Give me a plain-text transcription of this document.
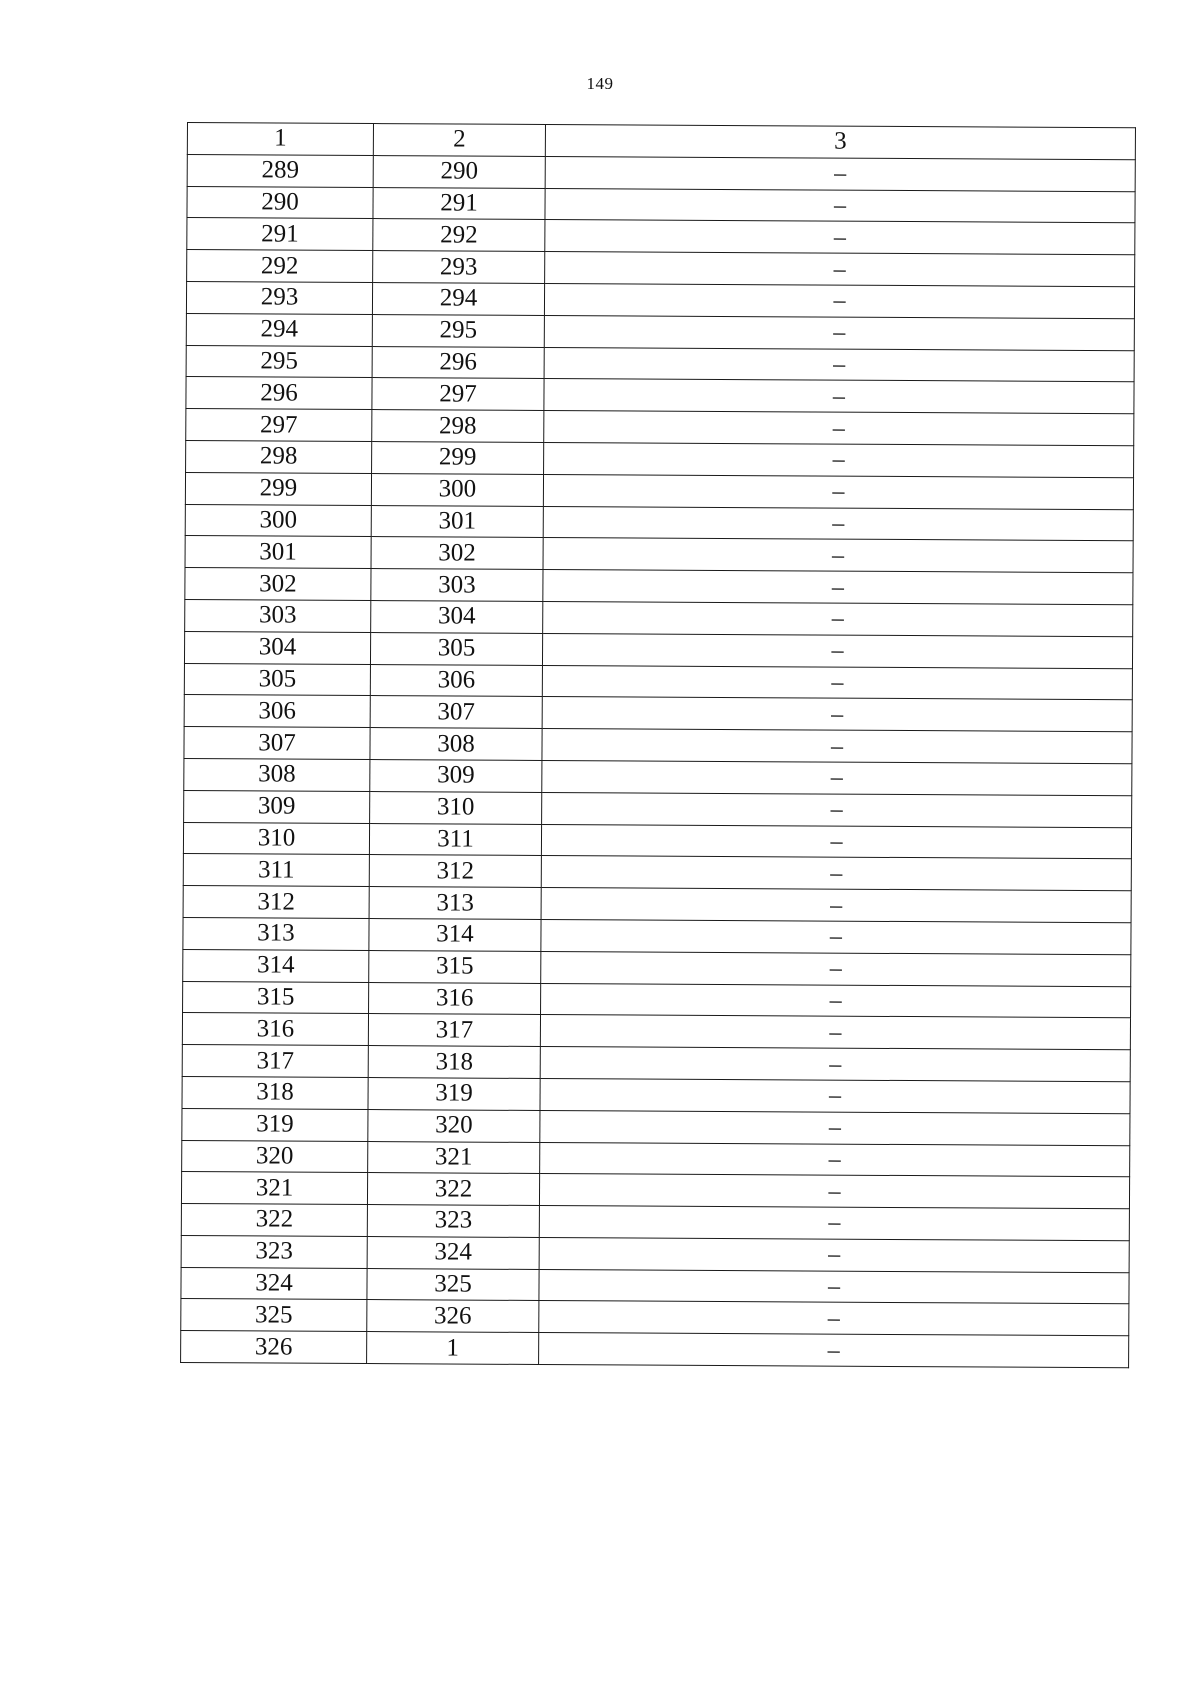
149
1	2	3
289	290	–
290	291	–
291	292	–
292	293	–
293	294	–
294	295	–
295	296	–
296	297	–
297	298	–
298	299	–
299	300	–
300	301	–
301	302	–
302	303	–
303	304	–
304	305	–
305	306	–
306	307	–
307	308	–
308	309	–
309	310	–
310	311	–
311	312	–
312	313	–
313	314	–
314	315	–
315	316	–
316	317	–
317	318	–
318	319	–
319	320	–
320	321	–
321	322	–
322	323	–
323	324	–
324	325	–
325	326	–
326	1	–
